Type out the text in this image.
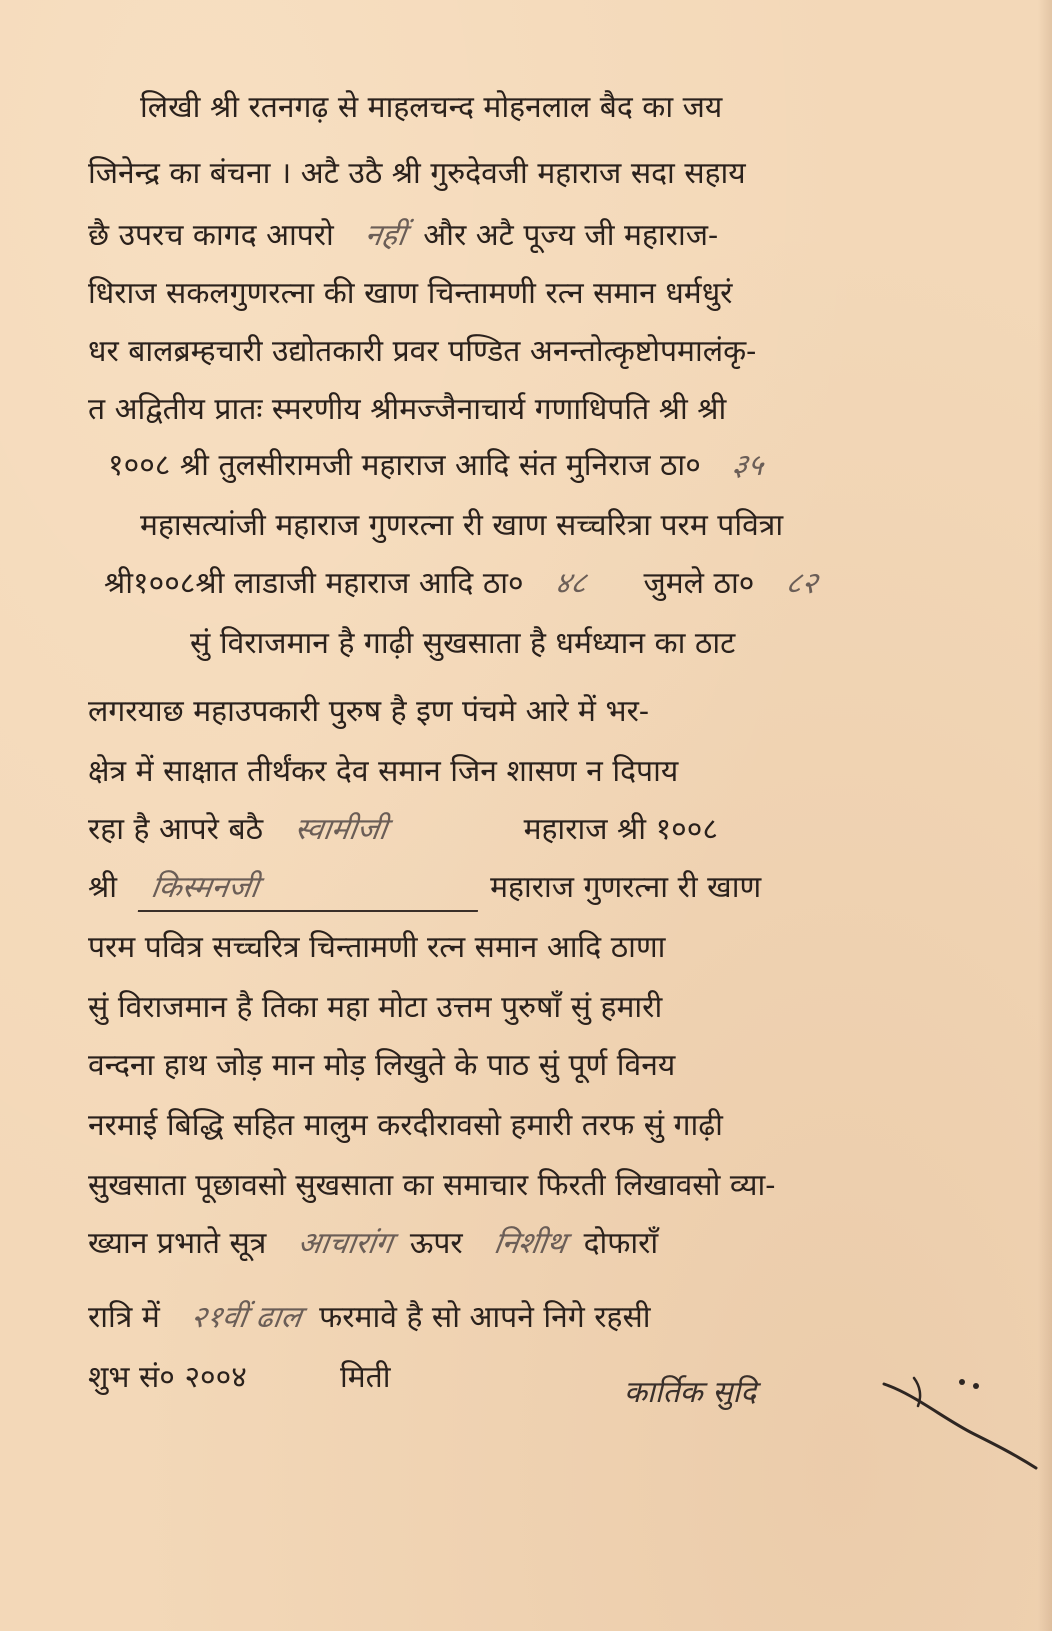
लिखी श्री रतनगढ़ से माहलचन्द मोहनलाल बैद का जय
जिनेन्द्र का बंचना । अटै उठै श्री गुरुदेवजी महाराज सदा सहाय
छै उपरच कागद आपरो नहीं और अटै पूज्य जी महाराज-
धिराज सकलगुणरत्ना की खाण चिन्तामणी रत्न समान धर्मधुरं
धर बालब्रम्हचारी उद्योतकारी प्रवर पण्डित अनन्तोत्कृष्टोपमालंकृ-
त अद्वितीय प्रातः स्मरणीय श्रीमज्जैनाचार्य गणाधिपति श्री श्री
१००८ श्री तुलसीरामजी महाराज आदि संत मुनिराज ठा० ३५
महासत्यांजी महाराज गुणरत्ना री खाण सच्चरित्रा परम पवित्रा
श्री१००८श्री लाडाजी महाराज आदि ठा० ४८ जुमले ठा० ८२
सुं विराजमान है गाढ़ी सुखसाता है धर्मध्यान का ठाट
लगरयाछ महाउपकारी पुरुष है इण पंचमे आरे में भर-
क्षेत्र में साक्षात तीर्थंकर देव समान जिन शासण न दिपाय
रहा है आपरे बठै स्वामीजी	महाराज श्री १००८
श्री किस्मनजी	महाराज गुणरत्ना री खाण
परम पवित्र सच्चरित्र चिन्तामणी रत्न समान आदि ठाणा
सुं विराजमान है तिका महा मोटा उत्तम पुरुषाँ सुं हमारी
वन्दना हाथ जोड़ मान मोड़ लिखुते के पाठ सुं पूर्ण विनय
नरमाई बिद्धि सहित मालुम करदीरावसो हमारी तरफ सुं गाढ़ी
सुखसाता पूछावसो सुखसाता का समाचार फिरती लिखावसो व्या-
ख्यान प्रभाते सूत्र आचारांग ऊपर निशीथ दोफाराँ
रात्रि में २१वीं ढाल फरमावे है सो आपने निगे रहसी
शुभ सं० २००४	मिती	कार्तिक सुदि
